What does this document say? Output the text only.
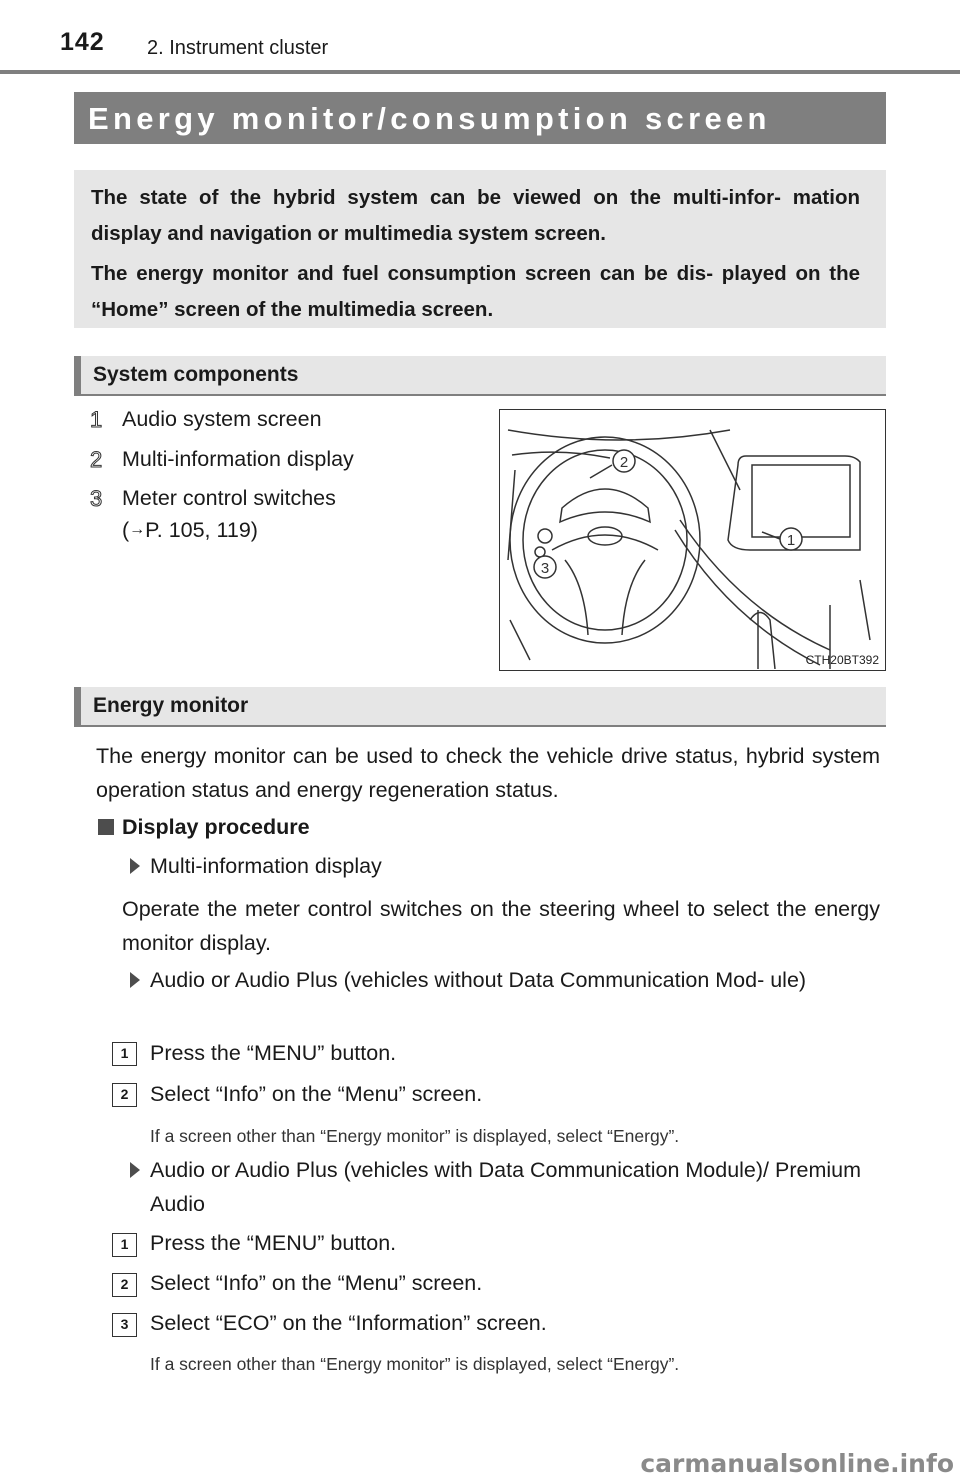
142 2. Instrument cluster
Energy monitor/consumption screen

The state of the hybrid system can be viewed on the multi-infor- mation display and navigation or multimedia system screen.

The energy monitor and fuel consumption screen can be dis- played on the “Home” screen of the multimedia screen.

System components
1 Audio system screen
2 Multi-information display
3 Meter control switches
(→P. 105, 119)
2
1
3
CTH20BT392
Energy monitor
The energy monitor can be used to check the vehicle drive status, hybrid system operation status and energy regeneration status.
Display procedure
Multi-information display
Operate the meter control switches on the steering wheel to select the energy monitor display.
Audio or Audio Plus (vehicles without Data Communication Mod- ule)
1	Press the “MENU” button.
2	Select “Info” on the “Menu” screen.
If a screen other than “Energy monitor” is displayed, select “Energy”.
Audio or Audio Plus (vehicles with Data Communication Module)/ Premium Audio
1	Press the “MENU” button.
2	Select “Info” on the “Menu” screen.
3	Select “ECO” on the “Information” screen.
If a screen other than “Energy monitor” is displayed, select “Energy”.
carmanualsonline.info
